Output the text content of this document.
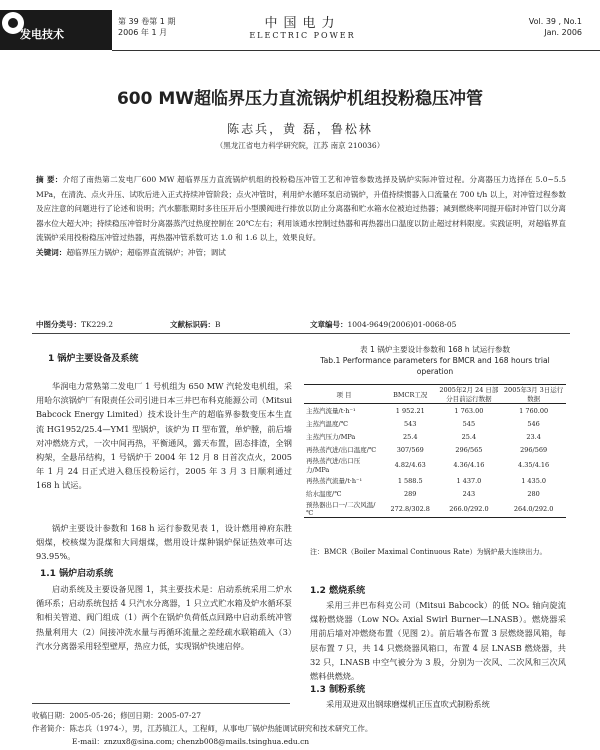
发电技术
第 39 卷第 1 期
2006 年 1 月
中国电力
ELECTRIC POWER
Vol. 39 , No.1
Jan. 2006
600 MW超临界压力直流锅炉机组投粉稳压冲管
陈志兵，黄 磊，鲁松林
（黑龙江省电力科学研究院，江苏 南京 210036）
摘 要：介绍了南热第二发电厂600 MW 超临界压力直流锅炉机组的投粉稳压冲管工艺和冲管参数选择及锅炉实际冲管过程。分离器压力选择在 5.0~5.5 MPa，在清洗、点火升压、试吹后进入正式持续冲管阶段；点火冲管时，利用炉水循环泵启动锅炉，升值持续惯器入口流量在 700 t/h 以上，对冲管过程参数及应注意的问题进行了论述和说明；汽水膨胀期时多往压开后小型膜阀进行排放以防止分离器和贮水箱水位被迫过热器；减到燃烧率同提开临时冲管门以分离器水位大超大冲；持续稳压冲管时分离器蒸汽过热度控制在 20℃左右；利用该通水控制过热器和再热器出口温度以防止超过材料限度。实践证明，对超临界直流锅炉采用投粉稳压冲管过热器，再热器冲管系数可达 1.0 和 1.6 以上，效果良好。
关键词：超临界压力锅炉；超临界直流锅炉；冲管；调试
中图分类号：TK229.2	文献标识码：B	文章编号：1004-9649(2006)01-0068-05
1 锅炉主要设备及系统
华润电力常熟第二发电厂 1 号机组为 650 MW 汽轮发电机组，采用哈尔滨锅炉厂有限责任公司引进日本三井巴布科克能源公司（Mitsui Babcock Energy Limited）技术设计生产的超临界参数变压本生直流 HG1952/25.4—YM1 型锅炉，该炉为 Π 型布置，单炉膛，前后墙对冲燃烧方式，一次中间再热，平衡通风，露天布置，固态排渣，全钢构架，全悬吊结构，1 号锅炉于 2004 年 12 月 8 日首次点火，2005 年 1 月 24 日正式进入稳压投粉运行，2005 年 3 月 3 日顺利通过 168 h 试运。
锅炉主要设计参数和 168 h 运行参数见表 1，设计燃用神府东胜烟煤，校核煤为混煤和大同烟煤，燃用设计煤种锅炉保证热效率可达 93.95%。
1.1 锅炉启动系统
启动系统及主要设备见图 1，其主要技术是：启动系统采用二炉水循环系；启动系统包括 4 只汽水分离器，1 只立式贮水箱及炉水循环泵和相关管道、阀门组成（1）两个在锅炉负荷低点回路中启动系统冲管热量利用大（2）间接冲洗水量与再循环流量之差经疏水联箱疏入（3）汽水分离器采用轻型壁厚，热应力低，实现锅炉快速启停。
表 1 锅炉主要设计参数和 168 h 试运行参数
Tab.1 Performance parameters for BMCR and 168 hours trial operation
项 目	BMCR工况	2005年2月 24 日部分目前运行数据	2005年3月 3日运行数据
主蒸汽流量/t·h⁻¹	1 952.21	1 763.00	1 760.00
主蒸汽温度/℃	543	545	546
主蒸汽压力/MPa	25.4	25.4	23.4
再热蒸汽进/出口温度/℃	307/569	296/565	296/569
再热蒸汽进/出口压力/MPa	4.82/4.63	4.36/4.16	4.35/4.16
再热蒸汽流量/t·h⁻¹	1 588.5	1 437.0	1 435.0
给水温度/℃	289	243	280
预热器出口一/二次风温/℃	272.8/302.8	266.0/292.0	264.0/292.0
注：BMCR（Boiler Maximal Continuous Rate）为锅炉最大连续出力。
1.2 燃烧系统
采用三井巴布科克公司（Mitsui Babcock）的低 NOₓ 轴向旋流煤粉燃烧器（Low NOₓ Axial Swirl Burner—LNASB）。燃烧器采用前后墙对冲燃烧布置（见图 2）。前后墙各布置 3 层燃烧器风箱，每层布置 7 只，共 14 只燃烧器风箱口，布置 4 层 LNASB 燃烧器，共 32 只，LNASB 中空气被分为 3 股，分别为一次风、二次风和三次风燃料供燃烧。
1.3 制粉系统
采用双进双出钢球磨煤机正压直吹式制粉系统
收稿日期：2005-05-26；修回日期：2005-07-27
作者简介：陈志兵（1974-），男，江苏镇江人，工程师，从事电厂锅炉热能调试研究和技术研究工作。
E-mail：znzux8@sina.com; chenzb008@mails.tsinghua.edu.cn
